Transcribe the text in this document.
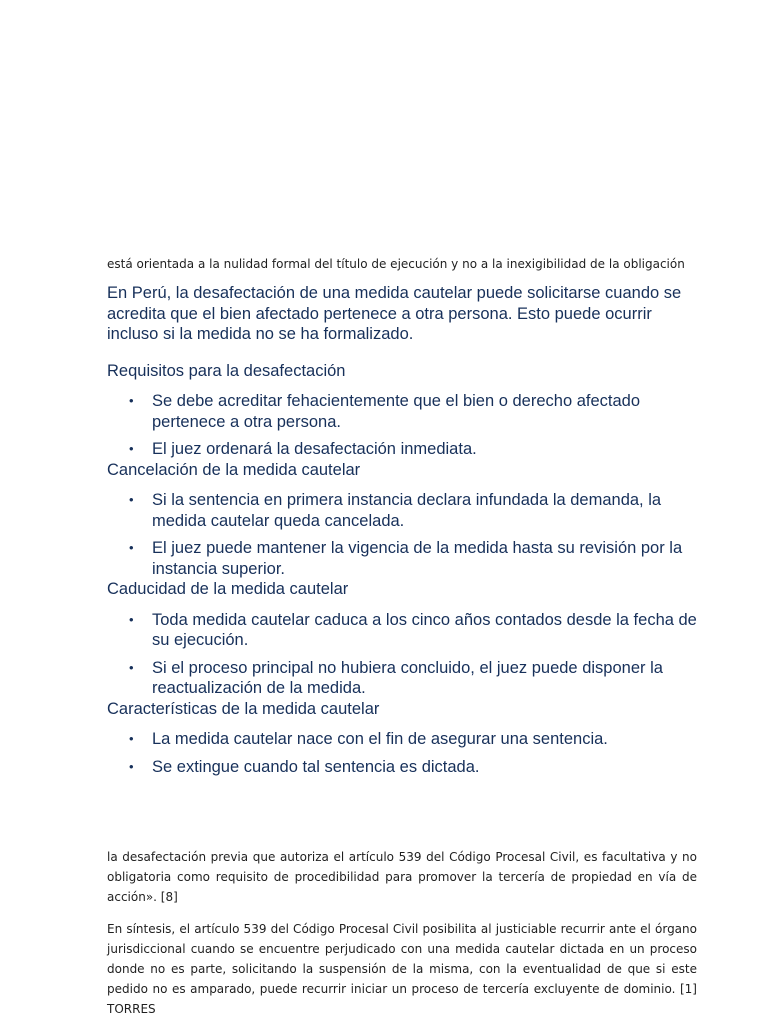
está orientada a la nulidad formal del título de ejecución y no a la inexigibilidad de la obligación

En Perú, la desafectación de una medida cautelar puede solicitarse cuando se acredita que el bien afectado pertenece a otra persona. Esto puede ocurrir incluso si la medida no se ha formalizado.

Requisitos para la desafectación

• Se debe acreditar fehacientemente que el bien o derecho afectado pertenece a otra persona.
• El juez ordenará la desafectación inmediata.

Cancelación de la medida cautelar

• Si la sentencia en primera instancia declara infundada la demanda, la medida cautelar queda cancelada.
• El juez puede mantener la vigencia de la medida hasta su revisión por la instancia superior.

Caducidad de la medida cautelar

• Toda medida cautelar caduca a los cinco años contados desde la fecha de su ejecución.
• Si el proceso principal no hubiera concluido, el juez puede disponer la reactualización de la medida.

Características de la medida cautelar

• La medida cautelar nace con el fin de asegurar una sentencia.
• Se extingue cuando tal sentencia es dictada.

la desafectación previa que autoriza el artículo 539 del Código Procesal Civil, es facultativa y no obligatoria como requisito de procedibilidad para promover la tercería de propiedad en vía de acción». [8]

En síntesis, el artículo 539 del Código Procesal Civil posibilita al justiciable recurrir ante el órgano jurisdiccional cuando se encuentre perjudicado con una medida cautelar dictada en un proceso donde no es parte, solicitando la suspensión de la misma, con la eventualidad de que si este pedido no es amparado, puede recurrir iniciar un proceso de tercería excluyente de dominio. [1] TORRES
